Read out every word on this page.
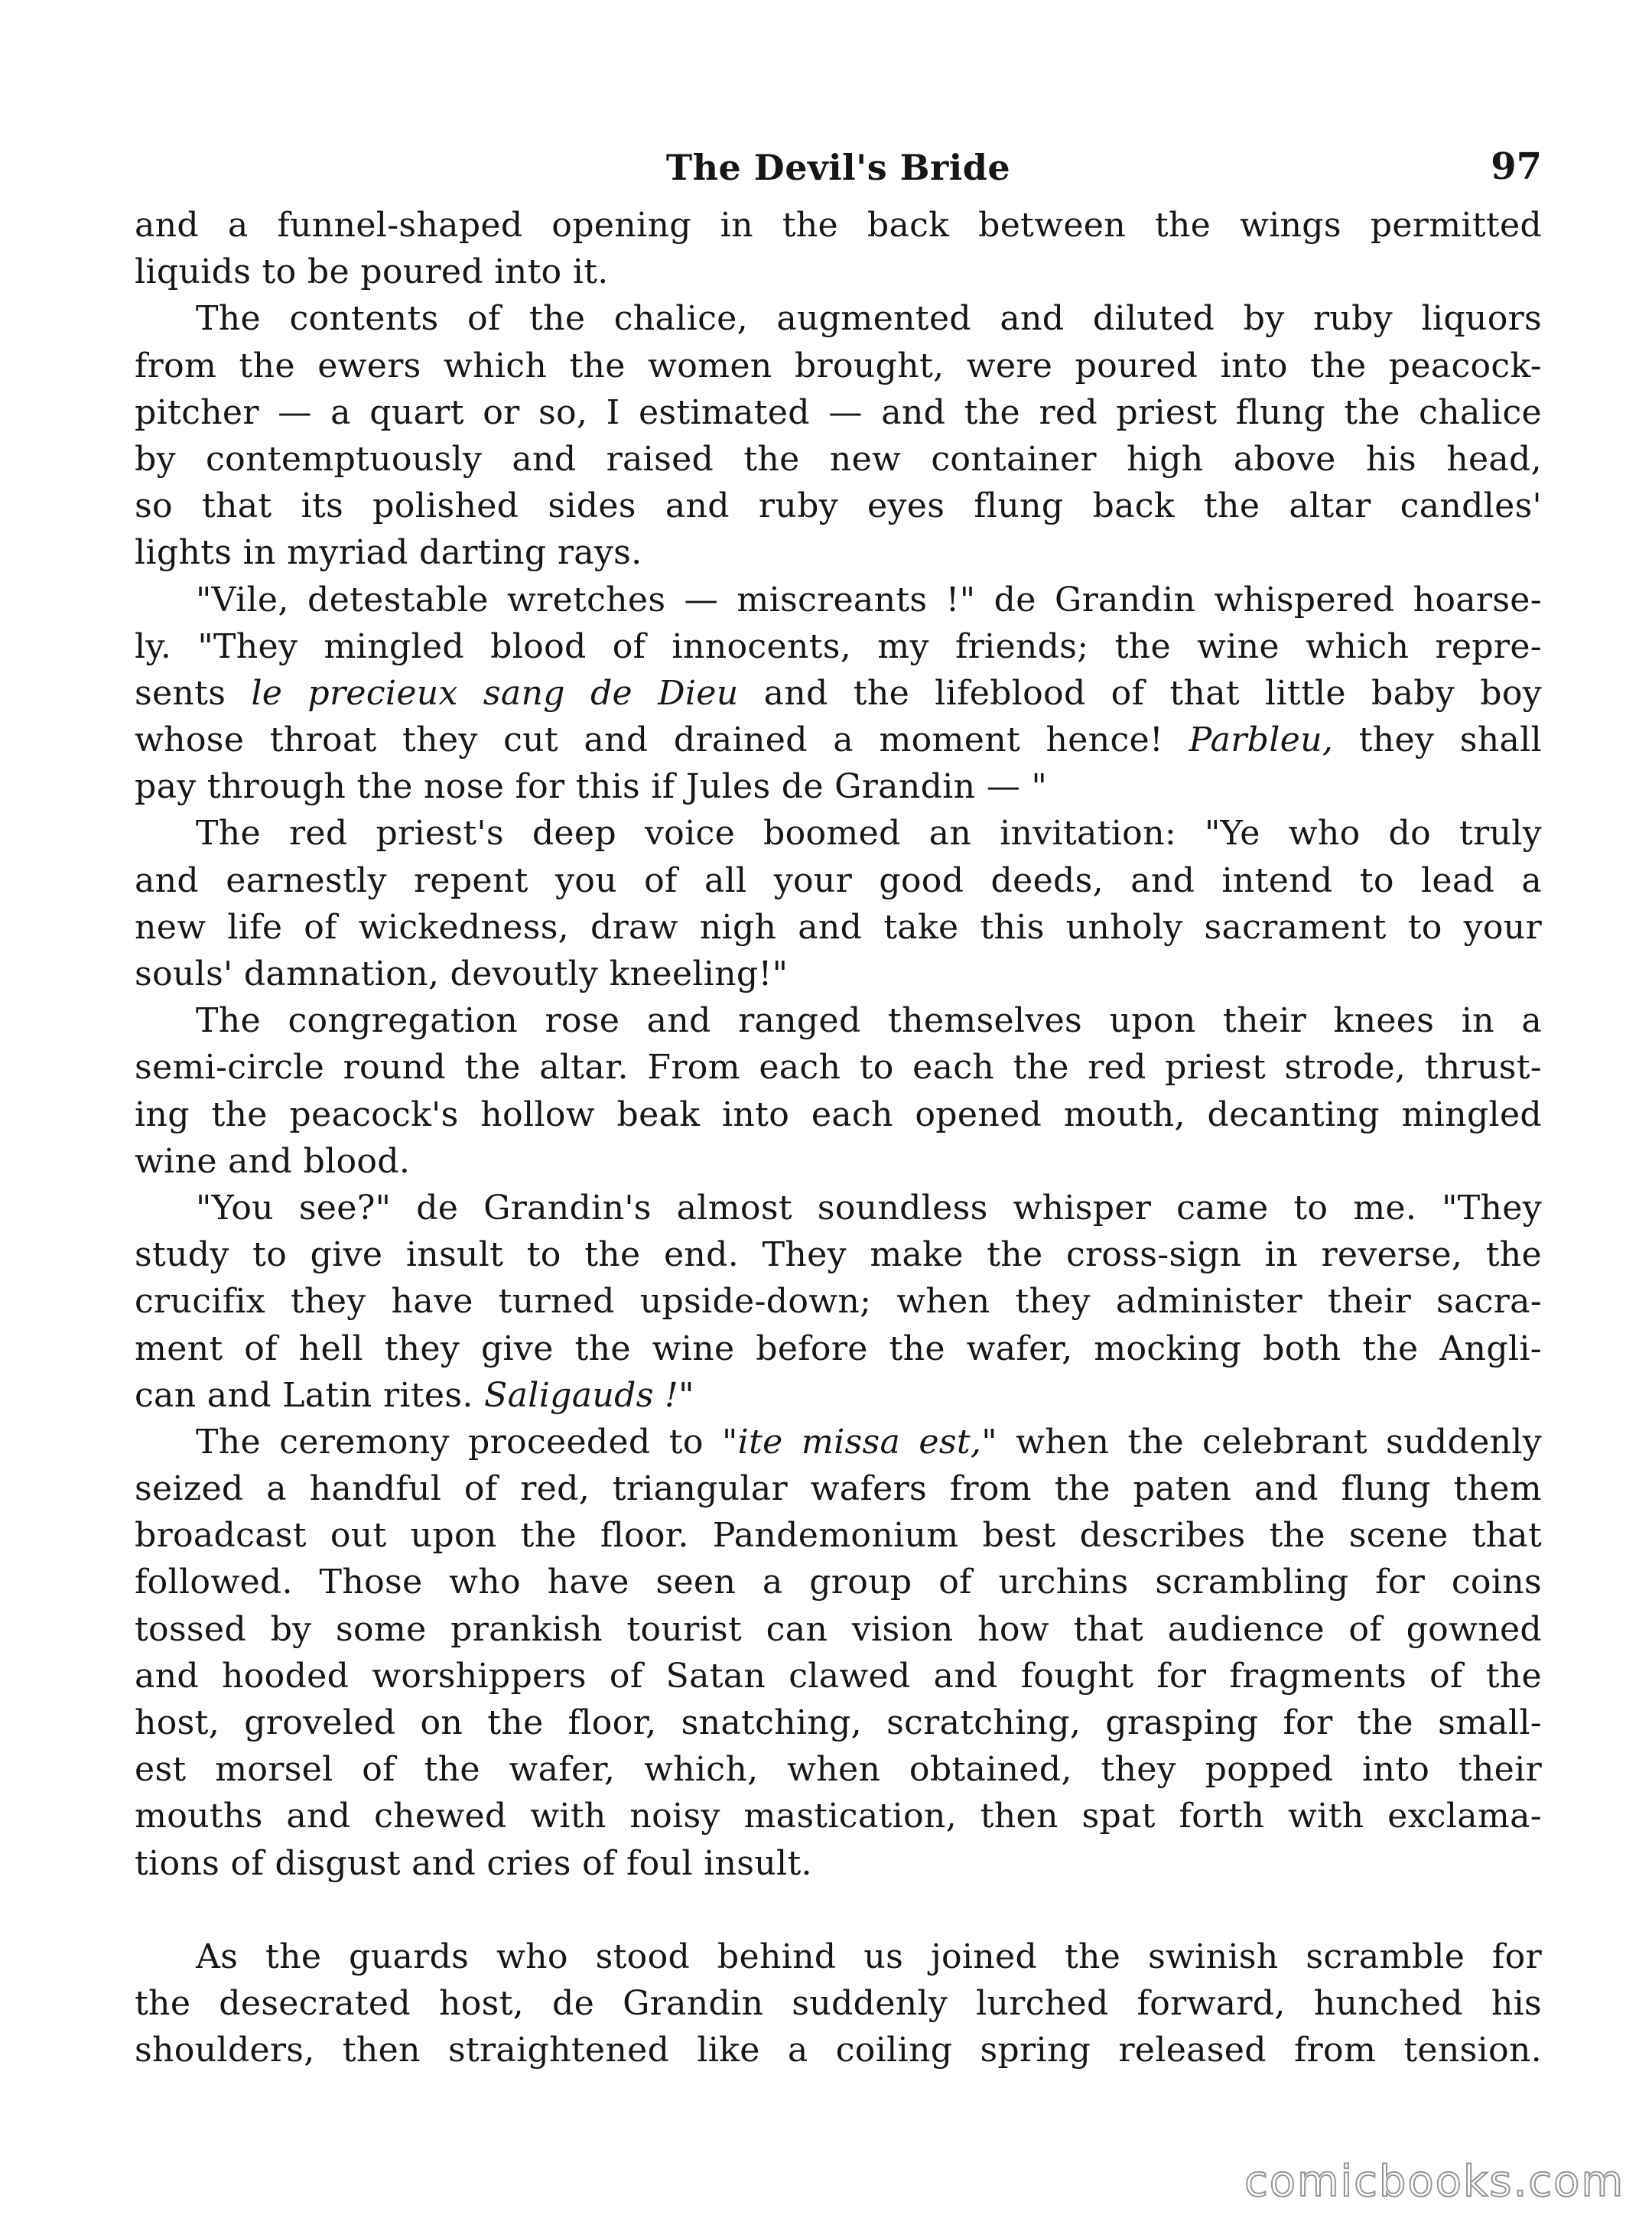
The Devil's Bride	97
and a funnel-shaped opening in the back between the wings permitted
liquids to be poured into it.
The contents of the chalice, augmented and diluted by ruby liquors
from the ewers which the women brought, were poured into the peacock-
pitcher — a quart or so, I estimated — and the red priest flung the chalice
by contemptuously and raised the new container high above his head,
so that its polished sides and ruby eyes flung back the altar candles'
lights in myriad darting rays.
"Vile, detestable wretches — miscreants !" de Grandin whispered hoarse-
ly. "They mingled blood of innocents, my friends; the wine which repre-
sents le precieux sang de Dieu and the lifeblood of that little baby boy
whose throat they cut and drained a moment hence! Parbleu, they shall
pay through the nose for this if Jules de Grandin — "
The red priest's deep voice boomed an invitation: "Ye who do truly
and earnestly repent you of all your good deeds, and intend to lead a
new life of wickedness, draw nigh and take this unholy sacrament to your
souls' damnation, devoutly kneeling!"
The congregation rose and ranged themselves upon their knees in a
semi-circle round the altar. From each to each the red priest strode, thrust-
ing the peacock's hollow beak into each opened mouth, decanting mingled
wine and blood.
"You see?" de Grandin's almost soundless whisper came to me. "They
study to give insult to the end. They make the cross-sign in reverse, the
crucifix they have turned upside-down; when they administer their sacra-
ment of hell they give the wine before the wafer, mocking both the Angli-
can and Latin rites. Saligauds !"
The ceremony proceeded to "ite missa est," when the celebrant suddenly
seized a handful of red, triangular wafers from the paten and flung them
broadcast out upon the floor. Pandemonium best describes the scene that
followed. Those who have seen a group of urchins scrambling for coins
tossed by some prankish tourist can vision how that audience of gowned
and hooded worshippers of Satan clawed and fought for fragments of the
host, groveled on the floor, snatching, scratching, grasping for the small-
est morsel of the wafer, which, when obtained, they popped into their
mouths and chewed with noisy mastication, then spat forth with exclama-
tions of disgust and cries of foul insult.
As the guards who stood behind us joined the swinish scramble for
the desecrated host, de Grandin suddenly lurched forward, hunched his
shoulders, then straightened like a coiling spring released from tension.
comicbooks.com
